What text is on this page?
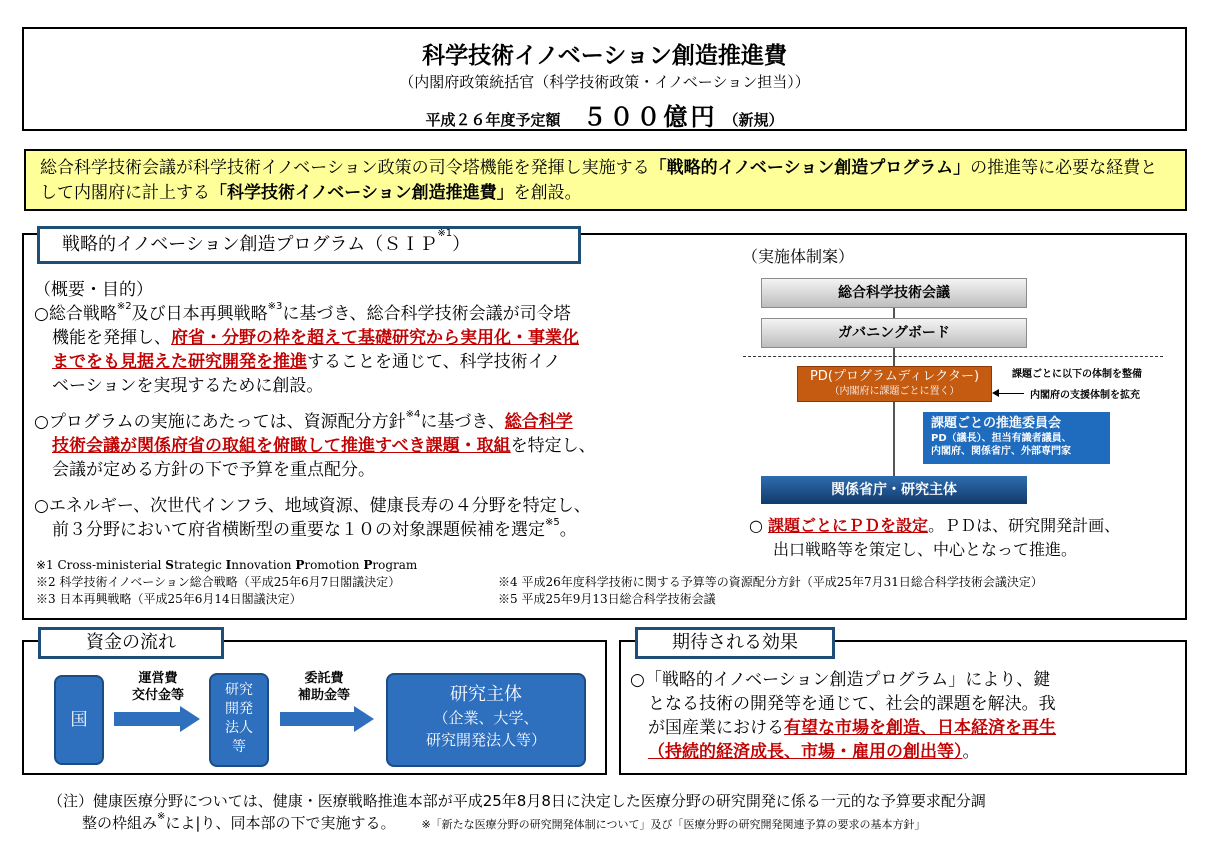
科学技術イノベーション創造推進費
（内閣府政策統括官（科学技術政策・イノベーション担当））
平成２６年度予定額 ５００億円 （新規）
総合科学技術会議が科学技術イノベーション政策の司令塔機能を発揮し実施する「戦略的イノベーション創造プログラム」の推進等に必要な経費として内閣府に計上する「科学技術イノベーション創造推進費」を創設。
戦略的イノベーション創造プログラム（ＳＩＰ$^{※1}$）
（概要・目的）
○総合戦略$^{※2}$及び日本再興戦略$^{※3}$に基づき、総合科学技術会議が司令塔
機能を発揮し、府省・分野の枠を超えて基礎研究から実用化・事業化
までをも見据えた研究開発を推進することを通じて、科学技術イノ
ベーションを実現するために創設。
○プログラムの実施にあたっては、資源配分方針$^{※4}$に基づき、総合科学
技術会議が関係府省の取組を俯瞰して推進すべき課題・取組を特定し、
会議が定める方針の下で予算を重点配分。
○エネルギー、次世代インフラ、地域資源、健康長寿の４分野を特定し、
前３分野において府省横断型の重要な１０の対象課題候補を選定$^{※5}$。
※1 Cross-ministerial Strategic Innovation Promotion Program
※2 科学技術イノベーション総合戦略（平成25年6月7日閣議決定）
※3 日本再興戦略（平成25年6月14日閣議決定）
※4 平成26年度科学技術に関する予算等の資源配分方針（平成25年7月31日総合科学技術会議決定）
※5 平成25年9月13日総合科学技術会議
（実施体制案）
総合科学技術会議
ガバニングボード
PD(プログラムディレクター)
（内閣府に課題ごとに置く）
課題ごとに以下の体制を整備
内閣府の支援体制を拡充
課題ごとの推進委員会
PD（議長）、担当有識者議員、
内閣府、関係省庁、外部専門家
関係省庁・研究主体
○ 課題ごとにＰＤを設定。ＰＤは、研究開発計画、
出口戦略等を策定し、中心となって推進。
資金の流れ
国
運営費
交付金等	研究
開発
法人
等
委託費
補助金等	研究主体
（企業、大学、
研究開発法人等）
期待される効果
○「戦略的イノベーション創造プログラム」により、鍵
となる技術の開発等を通じて、社会的課題を解決。我
が国産業における有望な市場を創造、日本経済を再生
（持続的経済成長、市場・雇用の創出等）。
（注）健康医療分野については、健康・医療戦略推進本部が平成25年8月8日に決定した医療分野の研究開発に係る一元的な予算要求配分調
整の枠組み※によ|り、同本部の下で実施する。 ※「新たな医療分野の研究開発体制について」及び「医療分野の研究開発関連予算の要求の基本方針」
